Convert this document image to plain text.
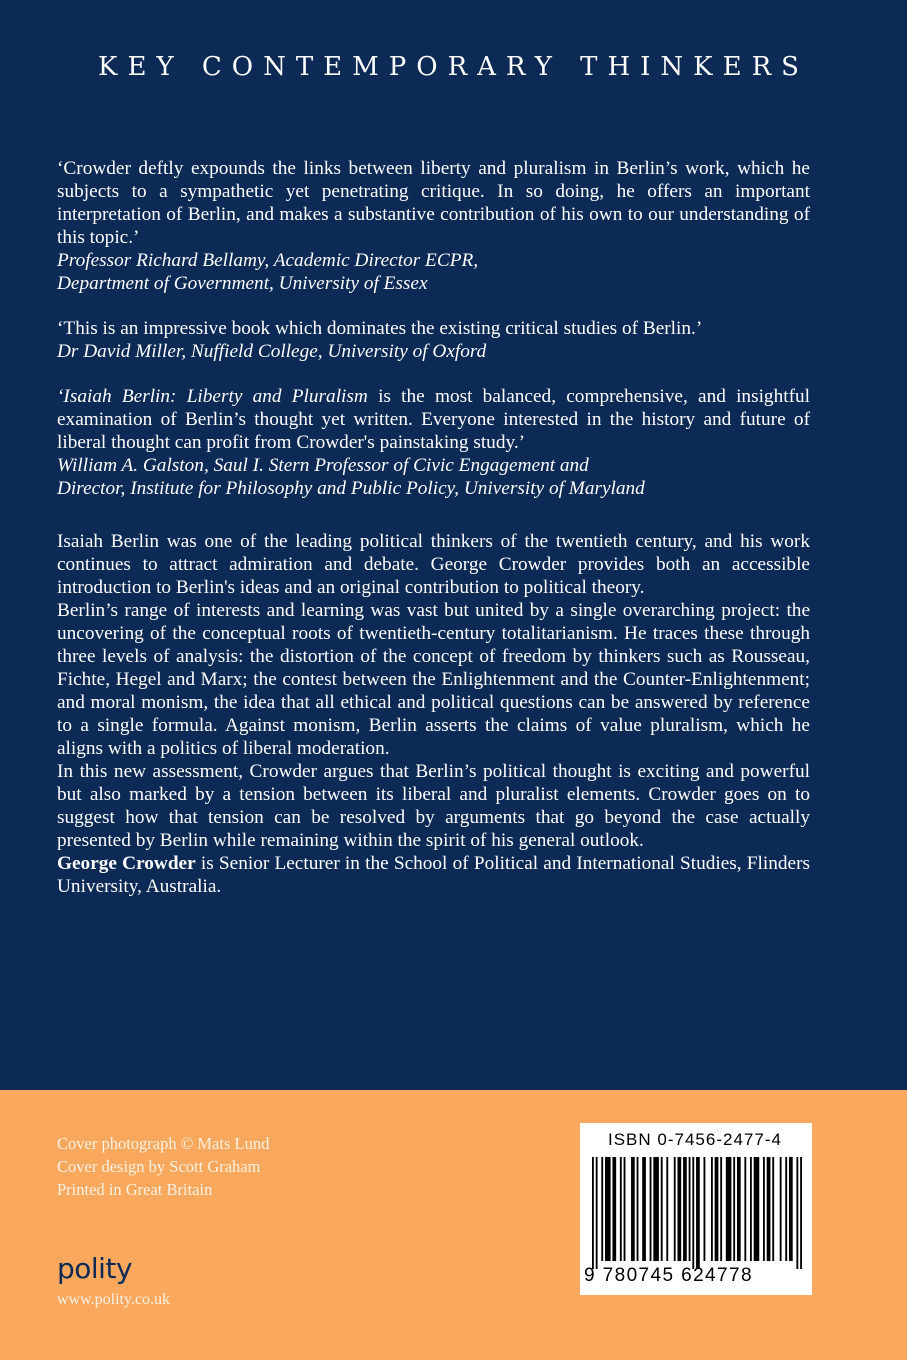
KEY CONTEMPORARY THINKERS

‘Crowder deftly expounds the links between liberty and pluralism in Berlin’s work, which he subjects to a sympathetic yet penetrating critique. In so doing, he offers an important interpretation of Berlin, and makes a substantive contribution of his own to our understanding of this topic.’

Professor Richard Bellamy, Academic Director ECPR,

Department of Government, University of Essex

‘This is an impressive book which dominates the existing critical studies of Berlin.’

Dr David Miller, Nuffield College, University of Oxford

‘Isaiah Berlin: Liberty and Pluralism is the most balanced, comprehensive, and insightful examination of Berlin’s thought yet written. Everyone interested in the history and future of liberal thought can profit from Crowder's painstaking study.’

William A. Galston, Saul I. Stern Professor of Civic Engagement and

Director, Institute for Philosophy and Public Policy, University of Maryland

Isaiah Berlin was one of the leading political thinkers of the twentieth century, and his work continues to attract admiration and debate. George Crowder provides both an accessible introduction to Berlin's ideas and an original contribution to political theory.

Berlin’s range of interests and learning was vast but united by a single overarching project: the uncovering of the conceptual roots of twentieth-century totalitarianism. He traces these through three levels of analysis: the distortion of the concept of freedom by thinkers such as Rousseau, Fichte, Hegel and Marx; the contest between the Enlightenment and the Counter-Enlightenment; and moral monism, the idea that all ethical and political questions can be answered by reference to a single formula. Against monism, Berlin asserts the claims of value pluralism, which he aligns with a politics of liberal moderation.

In this new assessment, Crowder argues that Berlin’s political thought is exciting and powerful but also marked by a tension between its liberal and pluralist elements. Crowder goes on to suggest how that tension can be resolved by arguments that go beyond the case actually presented by Berlin while remaining within the spirit of his general outlook.

George Crowder is Senior Lecturer in the School of Political and International Studies, Flinders University, Australia.

Cover photograph © Mats Lund
Cover design by Scott Graham
Printed in Great Britain
polity
www.polity.co.uk
ISBN 0-7456-2477-4
9 780745 624778
